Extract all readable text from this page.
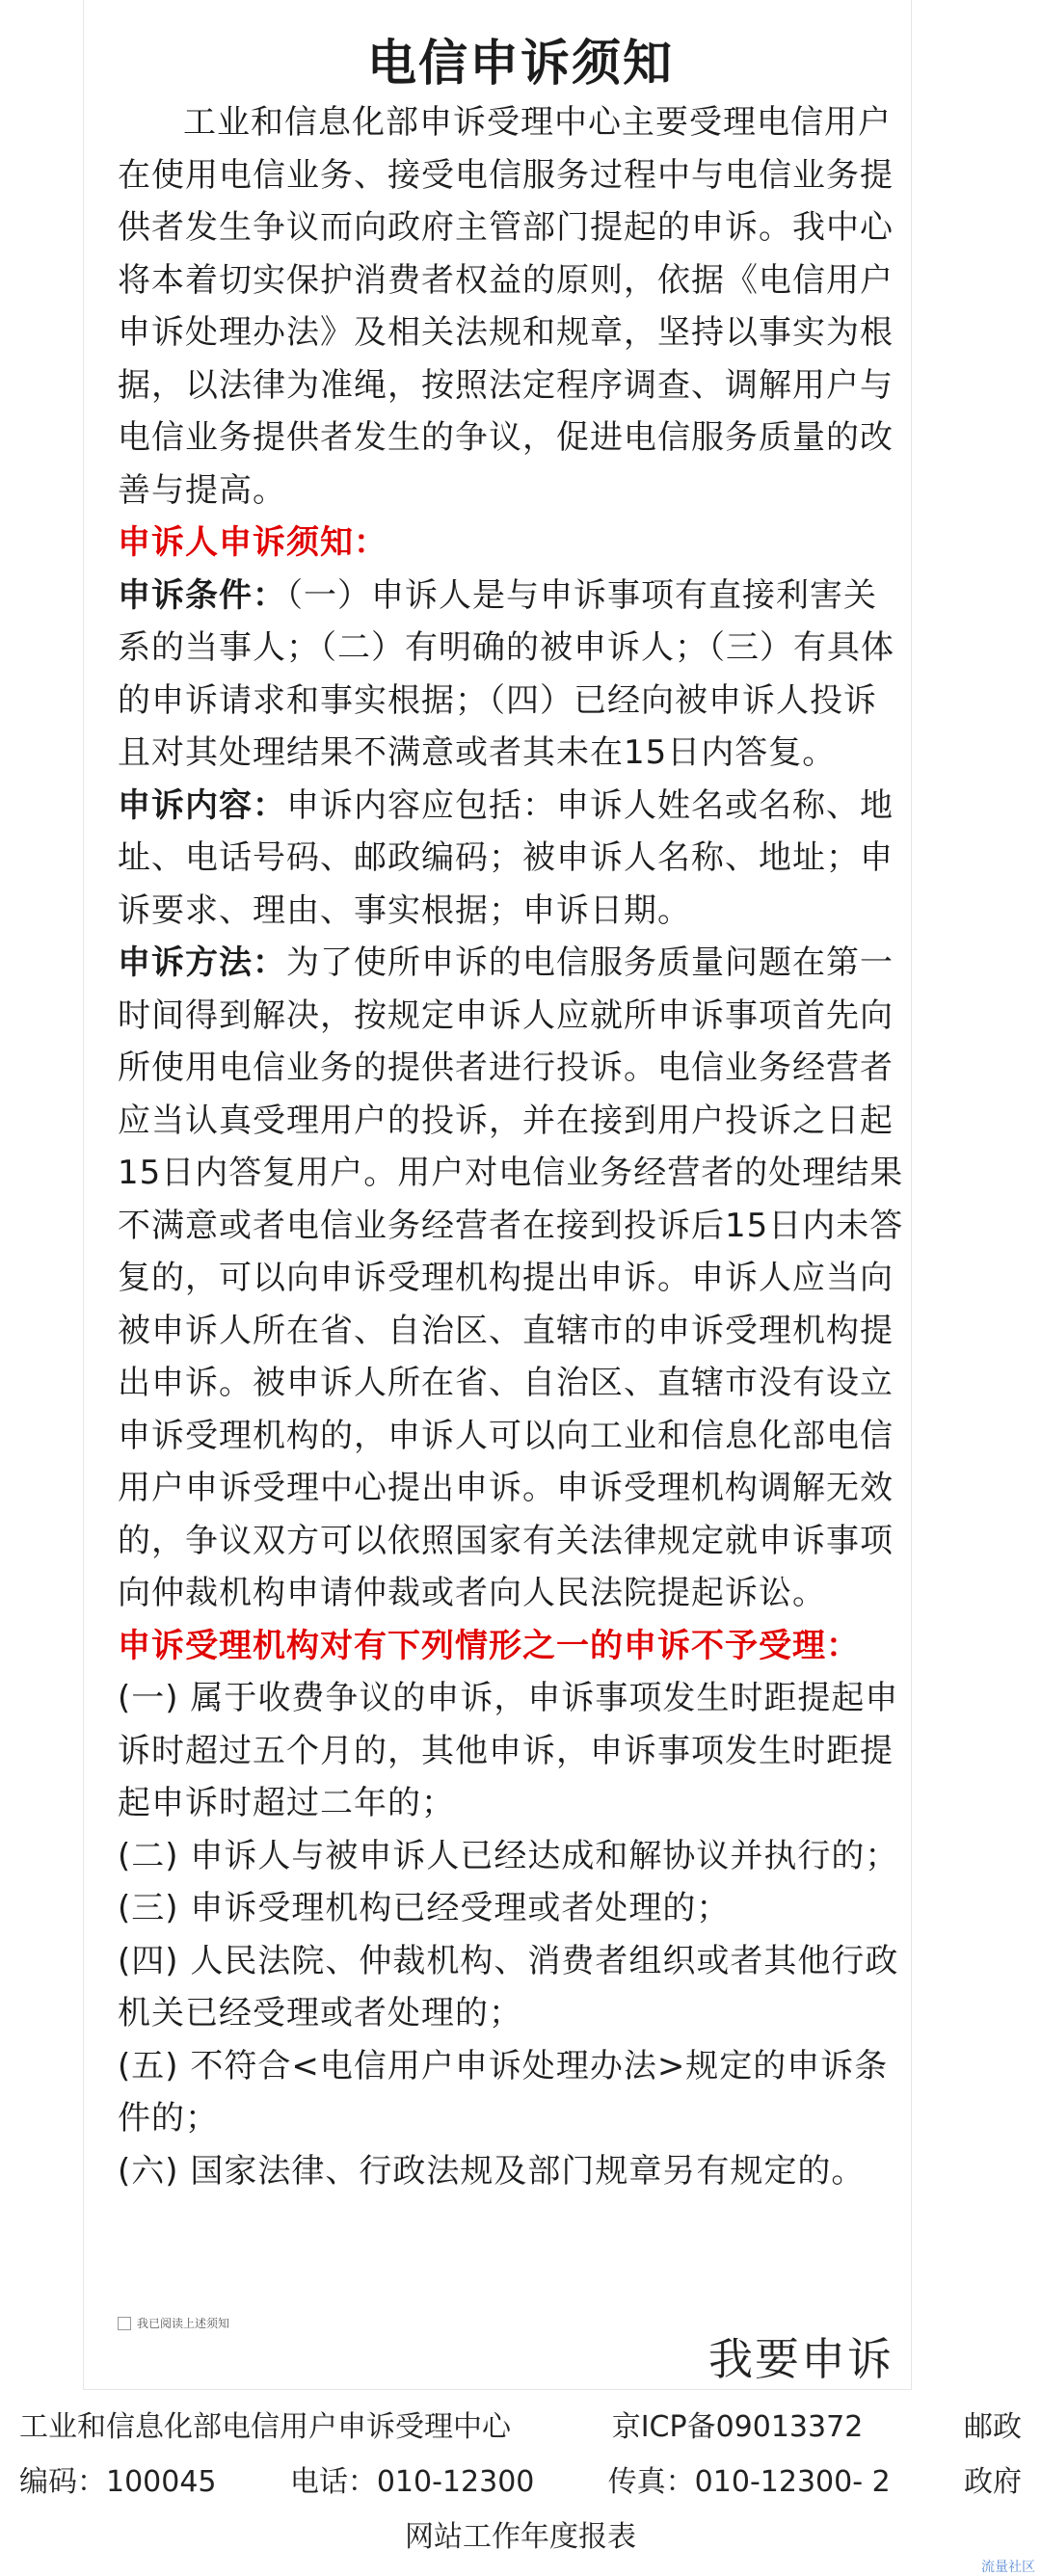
电信申诉须知

工业和信息化部申诉受理中心主要受理电信用户在使用电信业务、接受电信服务过程中与电信业务提供者发生争议而向政府主管部门提起的申诉。我中心将本着切实保护消费者权益的原则，依据《电信用户申诉处理办法》及相关法规和规章，坚持以事实为根据，以法律为准绳，按照法定程序调查、调解用户与电信业务提供者发生的争议，促进电信服务质量的改善与提高。

申诉人申诉须知：

申诉条件：（一）申诉人是与申诉事项有直接利害关系的当事人；（二）有明确的被申诉人；（三）有具体的申诉请求和事实根据；（四）已经向被申诉人投诉且对其处理结果不满意或者其未在15日内答复。

申诉内容：申诉内容应包括：申诉人姓名或名称、地址、电话号码、邮政编码；被申诉人名称、地址；申诉要求、理由、事实根据；申诉日期。

申诉方法：为了使所申诉的电信服务质量问题在第一时间得到解决，按规定申诉人应就所申诉事项首先向所使用电信业务的提供者进行投诉。电信业务经营者应当认真受理用户的投诉，并在接到用户投诉之日起15日内答复用户。用户对电信业务经营者的处理结果不满意或者电信业务经营者在接到投诉后15日内未答复的，可以向申诉受理机构提出申诉。申诉人应当向被申诉人所在省、自治区、直辖市的申诉受理机构提出申诉。被申诉人所在省、自治区、直辖市没有设立申诉受理机构的，申诉人可以向工业和信息化部电信用户申诉受理中心提出申诉。申诉受理机构调解无效的，争议双方可以依照国家有关法律规定就申诉事项向仲裁机构申请仲裁或者向人民法院提起诉讼。

申诉受理机构对有下列情形之一的申诉不予受理：

(一) 属于收费争议的申诉，申诉事项发生时距提起申诉时超过五个月的，其他申诉，申诉事项发生时距提起申诉时超过二年的；

(二) 申诉人与被申诉人已经达成和解协议并执行的；

(三) 申诉受理机构已经受理或者处理的；

(四) 人民法院、仲裁机构、消费者组织或者其他行政机关已经受理或者处理的；

(五) 不符合<电信用户申诉处理办法>规定的申诉条件的；

(六) 国家法律、行政法规及部门规章另有规定的。

我已阅读上述须知
我要申诉
工业和信息化部电信用户申诉受理中心	京ICP备09013372	邮政
编码：100045	电话：010-12300	传真：010-12300- 2	政府
网站工作年度报表
流量社区
